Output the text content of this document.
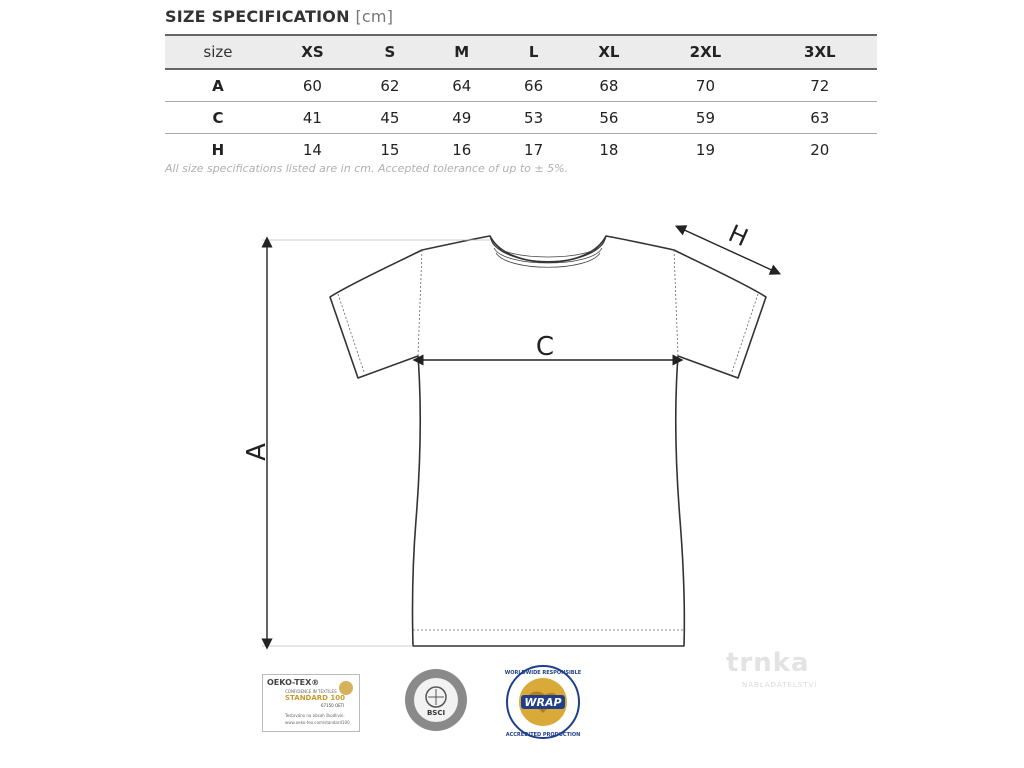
SIZE SPECIFICATION [cm]
size	XS	S	M	L	XL	2XL	3XL
A	60	62	64	66	68	70	72
C	41	45	49	53	56	59	63
H	14	15	16	17	18	19	20
All size specifications listed are in cm. Accepted tolerance of up to ± 5%.
A
C
H
OEKO-TEX®
CONFIDENCE IN TEXTILES
STANDARD 100
67150 OETI
Testováno na obsah škodlivin.
www.oeko-tex.com/standard100
BSCI
WRAP
WORLDWIDE RESPONSIBLE
ACCREDITED PRODUCTION
trnka
NABLADATELSTVÍ
